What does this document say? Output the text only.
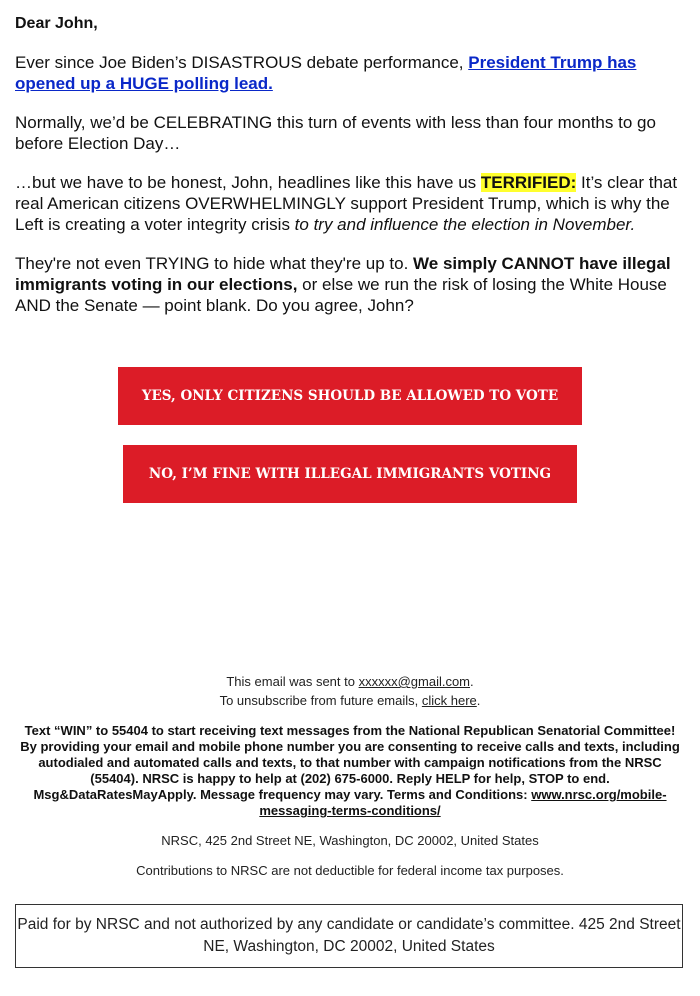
Dear John,

Ever since Joe Biden’s DISASTROUS debate performance, President Trump has opened up a HUGE polling lead.

Normally, we’d be CELEBRATING this turn of events with less than four months to go before Election Day…

…but we have to be honest, John, headlines like this have us TERRIFIED: It’s clear that real American citizens OVERWHELMINGLY support President Trump, which is why the Left is creating a voter integrity crisis to try and influence the election in November.

They're not even TRYING to hide what they're up to. We simply CANNOT have illegal immigrants voting in our elections, or else we run the risk of losing the White House AND the Senate — point blank. Do you agree, John?

YES, ONLY CITIZENS SHOULD BE ALLOWED TO VOTE
NO, I’M FINE WITH ILLEGAL IMMIGRANTS VOTING
This email was sent to xxxxxx@gmail.com.
To unsubscribe from future emails, click here.
Text “WIN” to 55404 to start receiving text messages from the National Republican Senatorial Committee! By providing your email and mobile phone number you are consenting to receive calls and texts, including autodialed and automated calls and texts, to that number with campaign notifications from the NRSC (55404). NRSC is happy to help at (202) 675-6000. Reply HELP for help, STOP to end. Msg&DataRatesMayApply. Message frequency may vary. Terms and Conditions: www.nrsc.org/mobile-messaging-terms-conditions/
NRSC, 425 2nd Street NE, Washington, DC 20002, United States
Contributions to NRSC are not deductible for federal income tax purposes.
Paid for by NRSC and not authorized by any candidate or candidate’s committee. 425 2nd Street NE, Washington, DC 20002, United States
